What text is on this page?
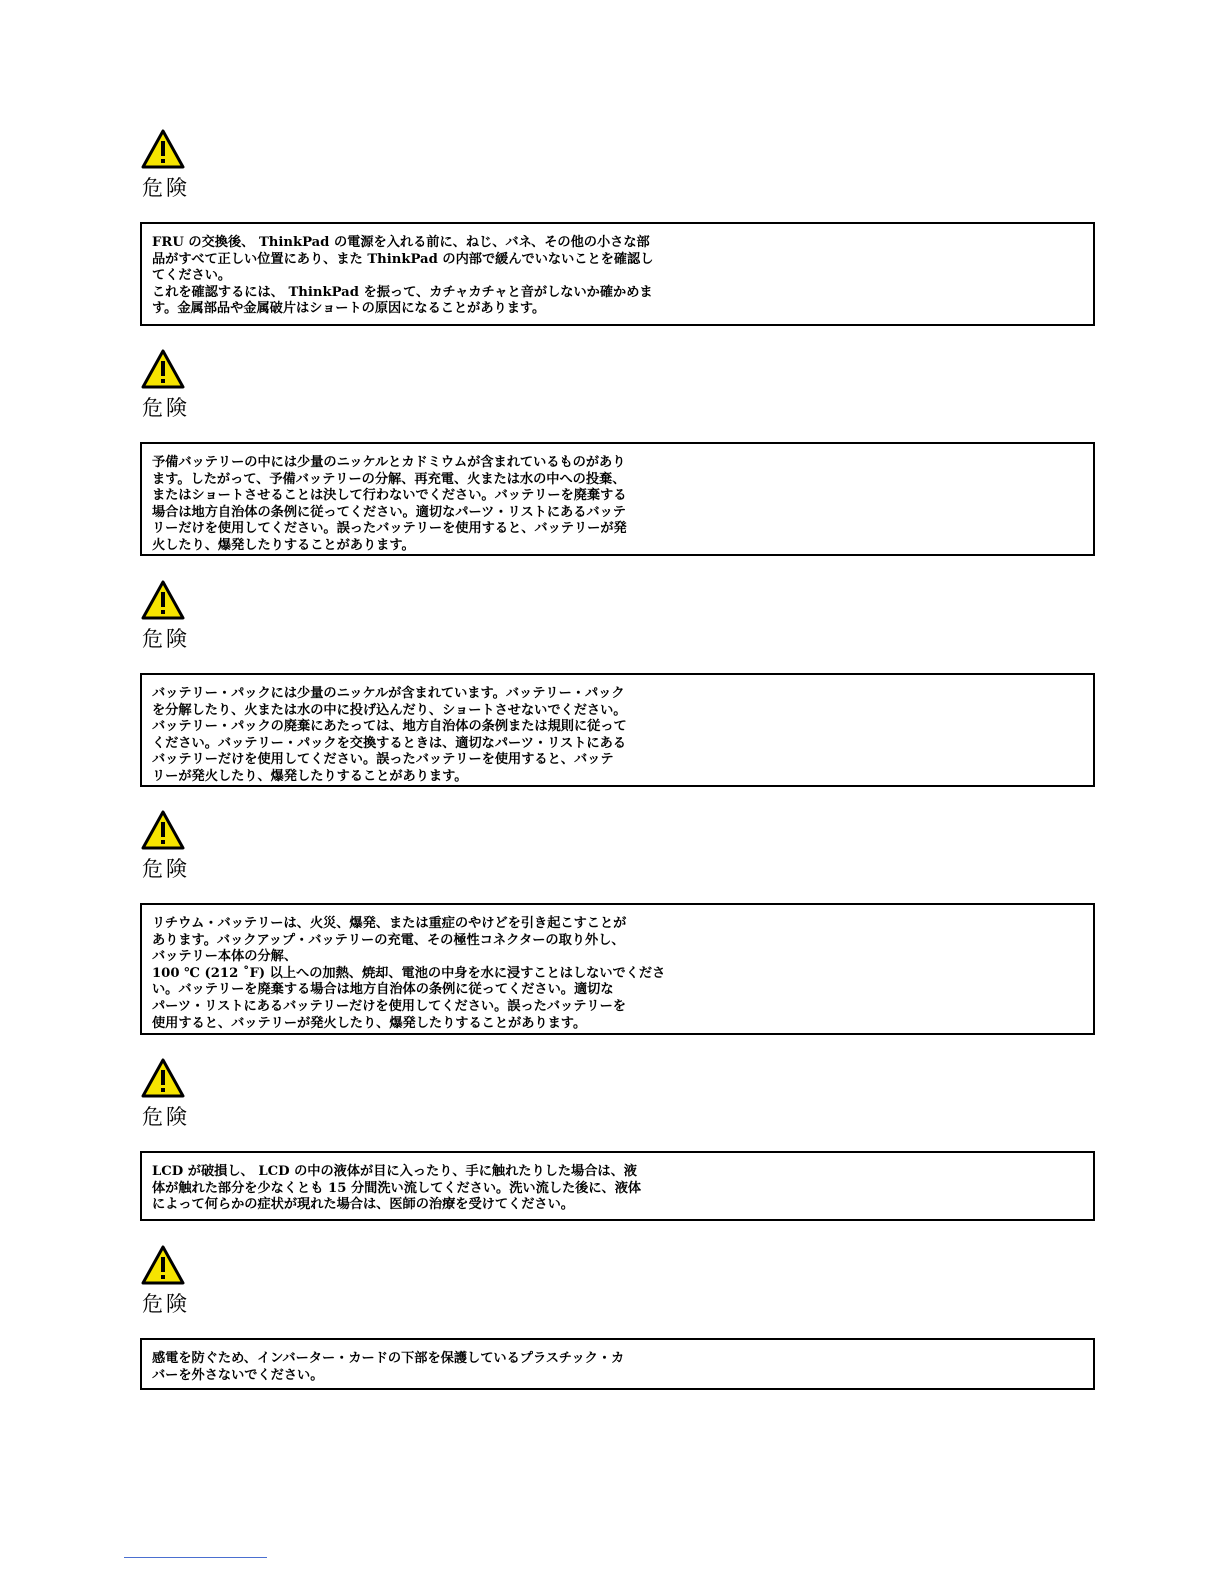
危険

FRU の交換後、 ThinkPad の電源を入れる前に、ねじ、バネ、その他の小さな部
品がすべて正しい位置にあり、また ThinkPad の内部で緩んでいないことを確認し
てください。
これを確認するには、 ThinkPad を振って、カチャカチャと音がしないか確かめま
す。金属部品や金属破片はショートの原因になることがあります。

危険

予備バッテリーの中には少量のニッケルとカドミウムが含まれているものがあり
ます。したがって、予備バッテリーの分解、再充電、火または水の中への投棄、
またはショートさせることは決して行わないでください。バッテリーを廃棄する
場合は地方自治体の条例に従ってください。適切なパーツ・リストにあるバッテ
リーだけを使用してください。誤ったバッテリーを使用すると、バッテリーが発
火したり、爆発したりすることがあります。

危険

バッテリー・パックには少量のニッケルが含まれています。バッテリー・パック
を分解したり、火または水の中に投げ込んだり、ショートさせないでください。
バッテリー・パックの廃棄にあたっては、地方自治体の条例または規則に従って
ください。バッテリー・パックを交換するときは、適切なパーツ・リストにある
バッテリーだけを使用してください。誤ったバッテリーを使用すると、バッテ
リーが発火したり、爆発したりすることがあります。

危険

リチウム・バッテリーは、火災、爆発、または重症のやけどを引き起こすことが
あります。バックアップ・バッテリーの充電、その極性コネクターの取り外し、
バッテリー本体の分解、
100 ℃ (212 ˚F) 以上への加熱、焼却、電池の中身を水に浸すことはしないでくださ
い。バッテリーを廃棄する場合は地方自治体の条例に従ってください。適切な
パーツ・リストにあるバッテリーだけを使用してください。誤ったバッテリーを
使用すると、バッテリーが発火したり、爆発したりすることがあります。

危険

LCD が破損し、 LCD の中の液体が目に入ったり、手に触れたりした場合は、液
体が触れた部分を少なくとも 15 分間洗い流してください。洗い流した後に、液体
によって何らかの症状が現れた場合は、医師の治療を受けてください。

危険

感電を防ぐため、インバーター・カードの下部を保護しているプラスチック・カ
バーを外さないでください。
